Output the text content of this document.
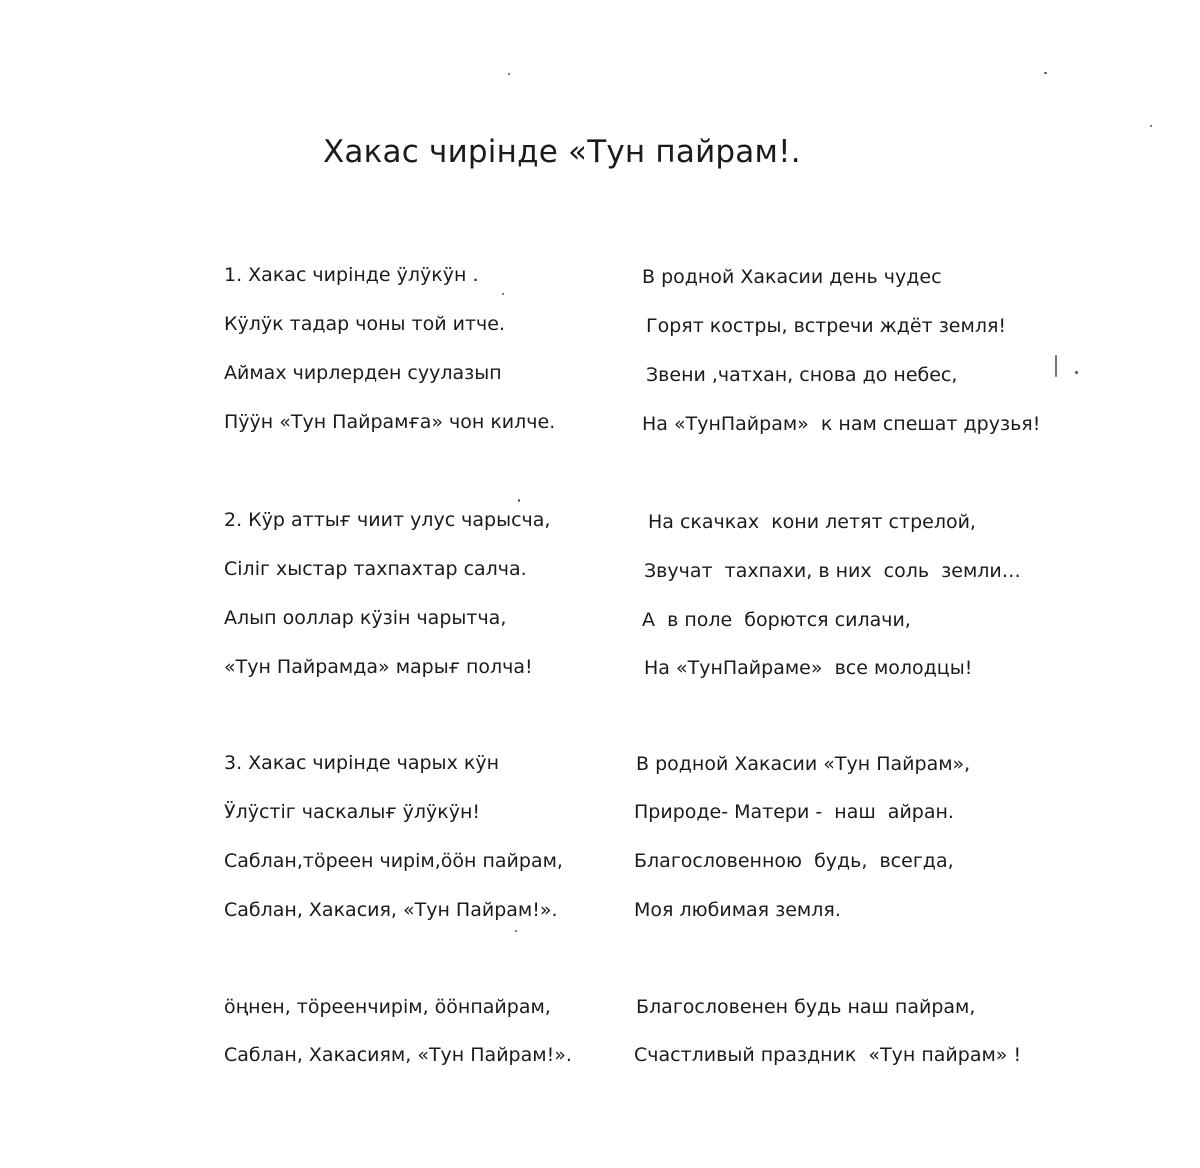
Хакас чирінде «Тун пайрам!.
1. Хакас чирінде ӱлӱкӱн .
Кӱлӱк тадар чоны той итче.
Аймах чирлерден суулазып
Пӱӱн «Тун Пайрамға» чон килче.
В родной Хакасии день чудес
Горят костры, встречи ждёт земля!
Звени ,чатхан, снова до небес,
На «ТунПайрам»  к нам спешат друзья!
2. Кӱр аттығ чиит улус чарысча,
Сіліг хыстар тахпахтар салча.
Алып ооллар кӱзін чарытча,
«Тун Пайрамда» марығ полча!
На скачках  кони летят стрелой,
Звучат  тахпахи, в них  соль  земли…
А  в поле  борются силачи,
На «ТунПайраме»  все молодцы!
3. Хакас чирінде чарых кӱн
Ӱлӱстіг часкалығ ӱлӱкӱн!
Саблан,тӧреен чирім,ӧӧн пайрам,
Саблан, Хакасия, «Тун Пайрам!».
В родной Хакасии «Тун Пайрам»,
Природе- Матери -  наш  айран.
Благословенною  будь,  всегда,
Моя любимая земля.
ӧңнен, тӧреенчирім, ӧӧнпайрам,
Саблан, Хакасиям, «Тун Пайрам!».
Благословенен будь наш пайрам,
Счастливый праздник  «Тун пайрам» !
